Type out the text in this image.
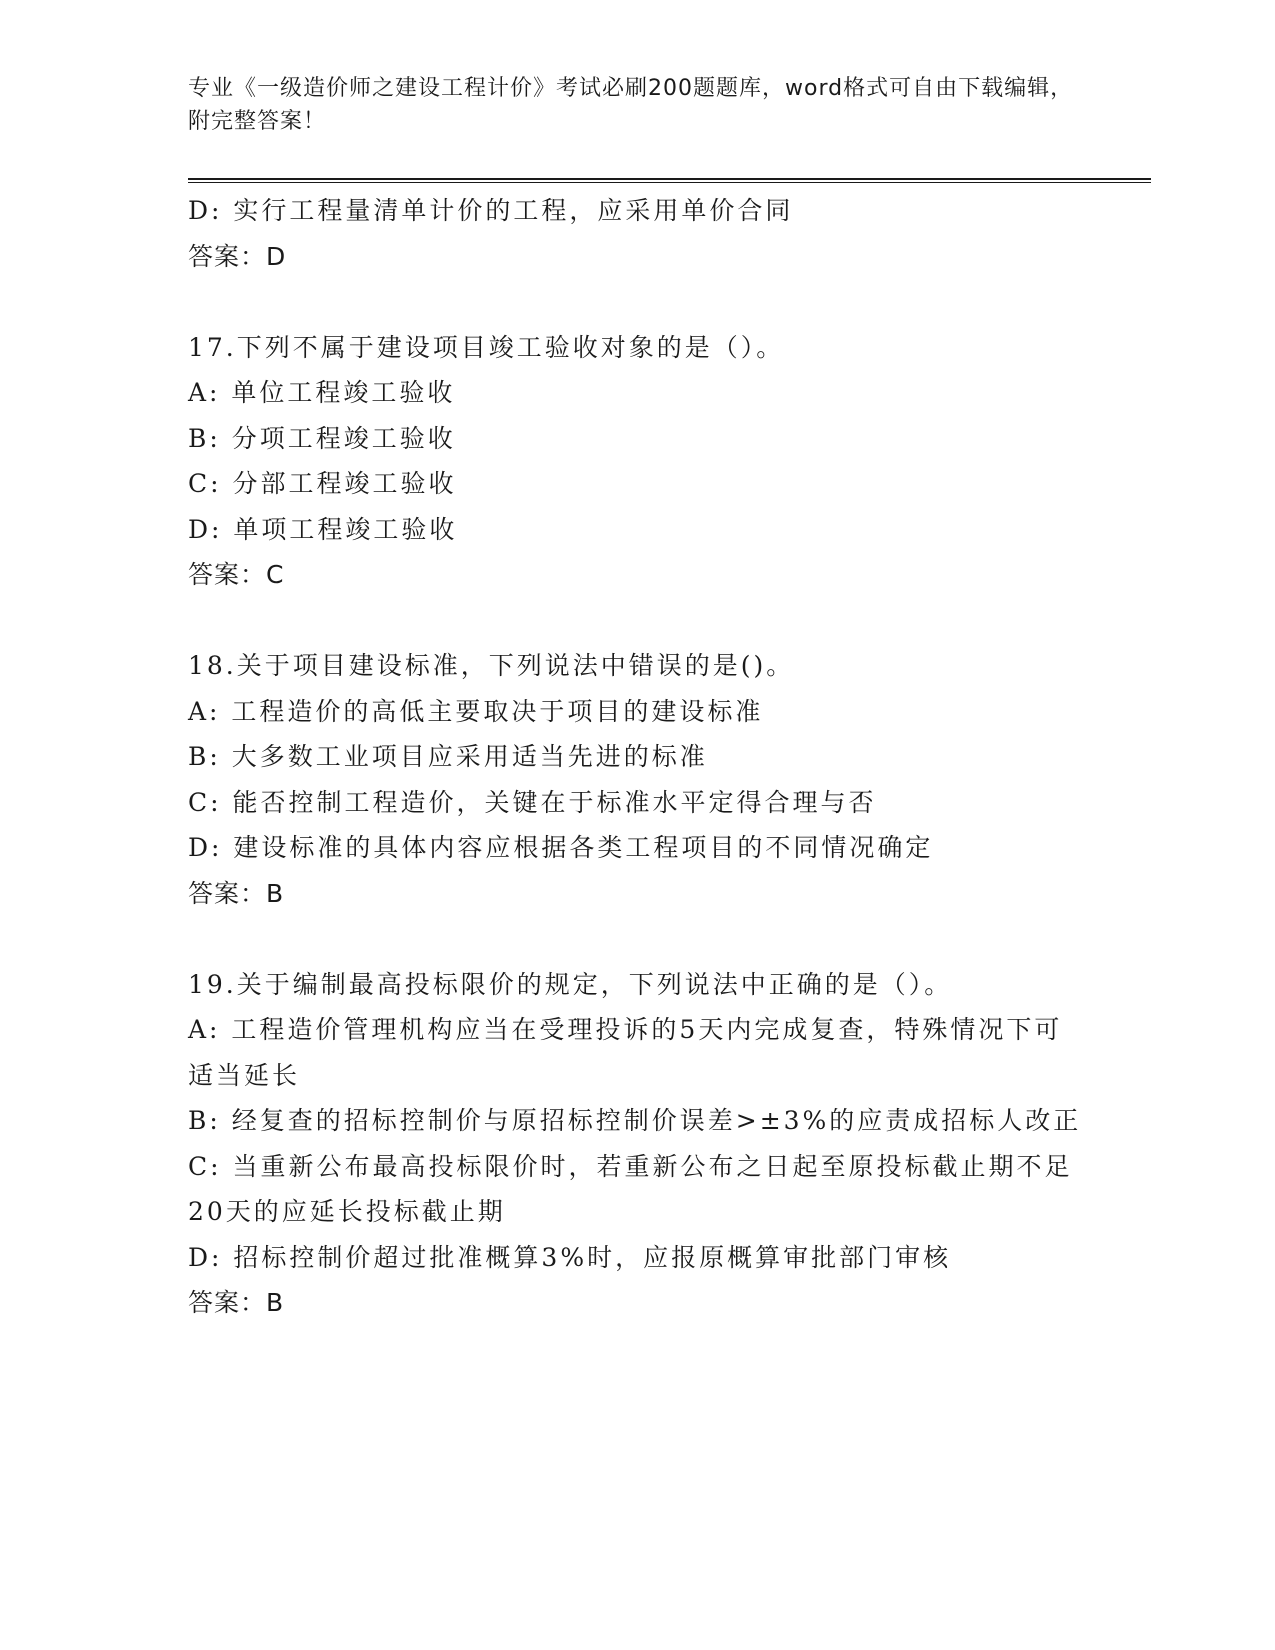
专业《一级造价师之建设工程计价》考试必刷200题题库，word格式可自由下载编辑，附完整答案！
D: 实行工程量清单计价的工程，应采用单价合同
答案：D
17.下列不属于建设项目竣工验收对象的是（）。
A: 单位工程竣工验收
B: 分项工程竣工验收
C: 分部工程竣工验收
D: 单项工程竣工验收
答案：C
18.关于项目建设标准，下列说法中错误的是()。
A: 工程造价的高低主要取决于项目的建设标准
B: 大多数工业项目应采用适当先进的标准
C: 能否控制工程造价，关键在于标准水平定得合理与否
D: 建设标准的具体内容应根据各类工程项目的不同情况确定
答案：B
19.关于编制最高投标限价的规定，下列说法中正确的是（）。
A: 工程造价管理机构应当在受理投诉的5天内完成复查，特殊情况下可适当延长
B: 经复查的招标控制价与原招标控制价误差>±3%的应责成招标人改正
C: 当重新公布最高投标限价时，若重新公布之日起至原投标截止期不足20天的应延长投标截止期
D: 招标控制价超过批准概算3%时，应报原概算审批部门审核
答案：B
